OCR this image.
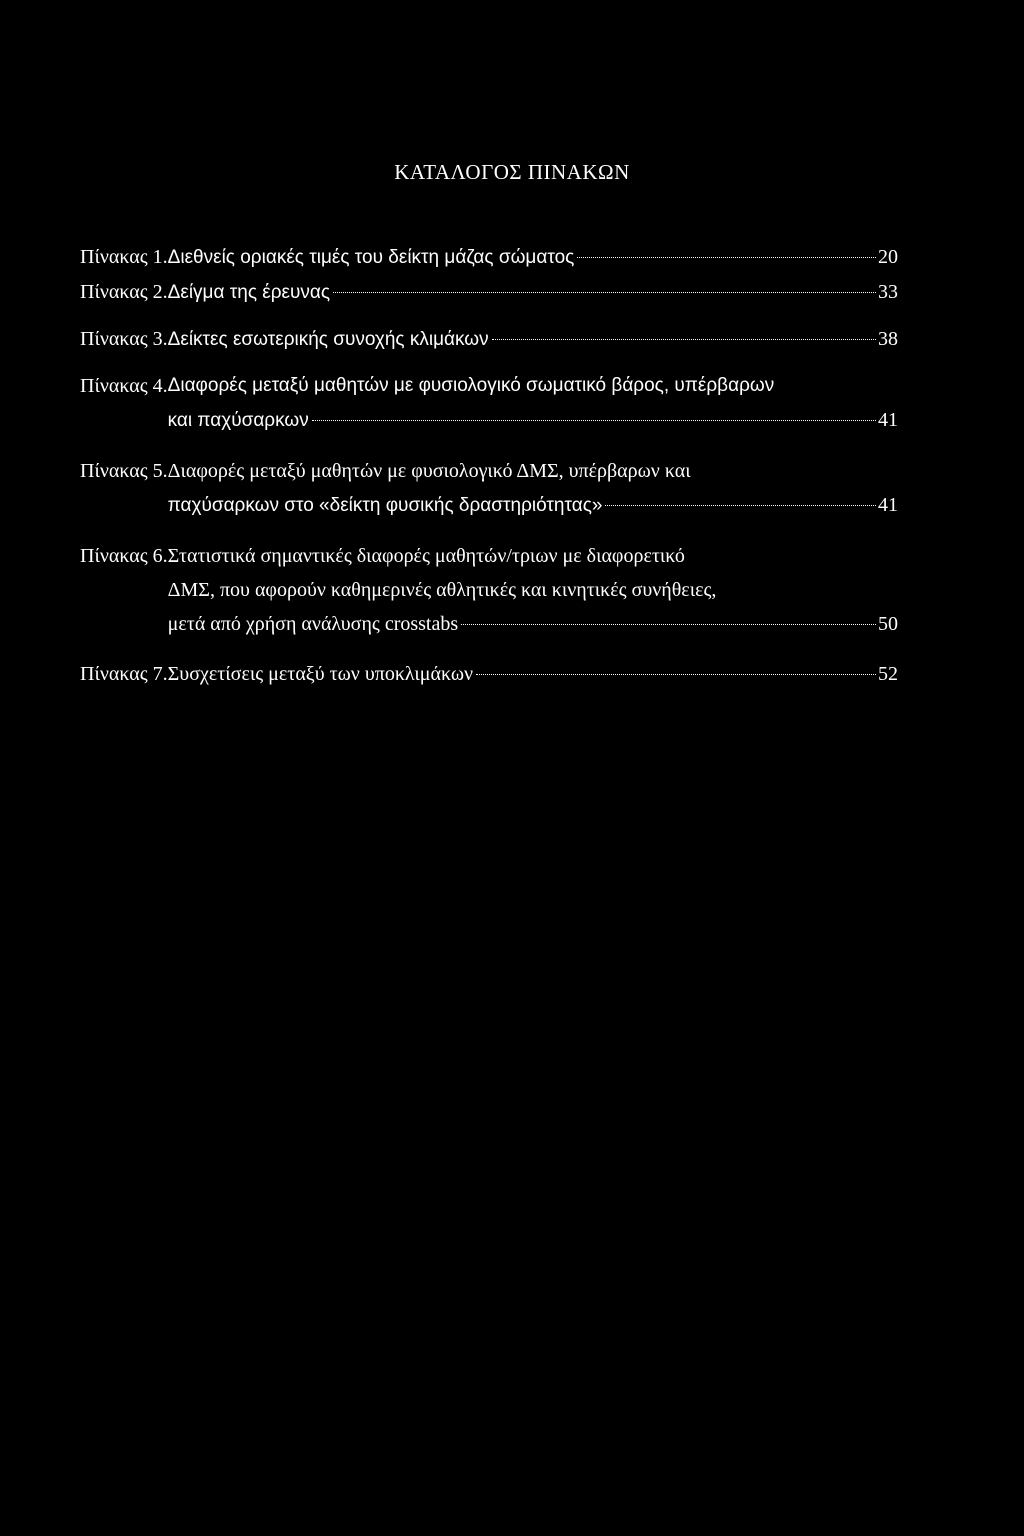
ΚΑΤΑΛΟΓΟΣ ΠΙΝΑΚΩΝ
Πίνακας 1. Διεθνείς οριακές τιμές του δείκτη μάζας σώματος	20
Πίνακας 2. Δείγμα της έρευνας	33
Πίνακας 3. Δείκτες εσωτερικής συνοχής κλιμάκων	38
Πίνακας 4. Διαφορές μεταξύ μαθητών με φυσιολογικό σωματικό βάρος, υπέρβαρων
και παχύσαρκων	41
Πίνακας 5. Διαφορές μεταξύ μαθητών με φυσιολογικό ΔΜΣ, υπέρβαρων και
παχύσαρκων στο «δείκτη φυσικής δραστηριότητας»	41
Πίνακας 6. Στατιστικά σημαντικές διαφορές μαθητών/τριων με διαφορετικό
ΔΜΣ, που αφορούν καθημερινές αθλητικές και κινητικές συνήθειες,
μετά από χρήση ανάλυσης crosstabs	50
Πίνακας 7. Συσχετίσεις μεταξύ των υποκλιμάκων	52
